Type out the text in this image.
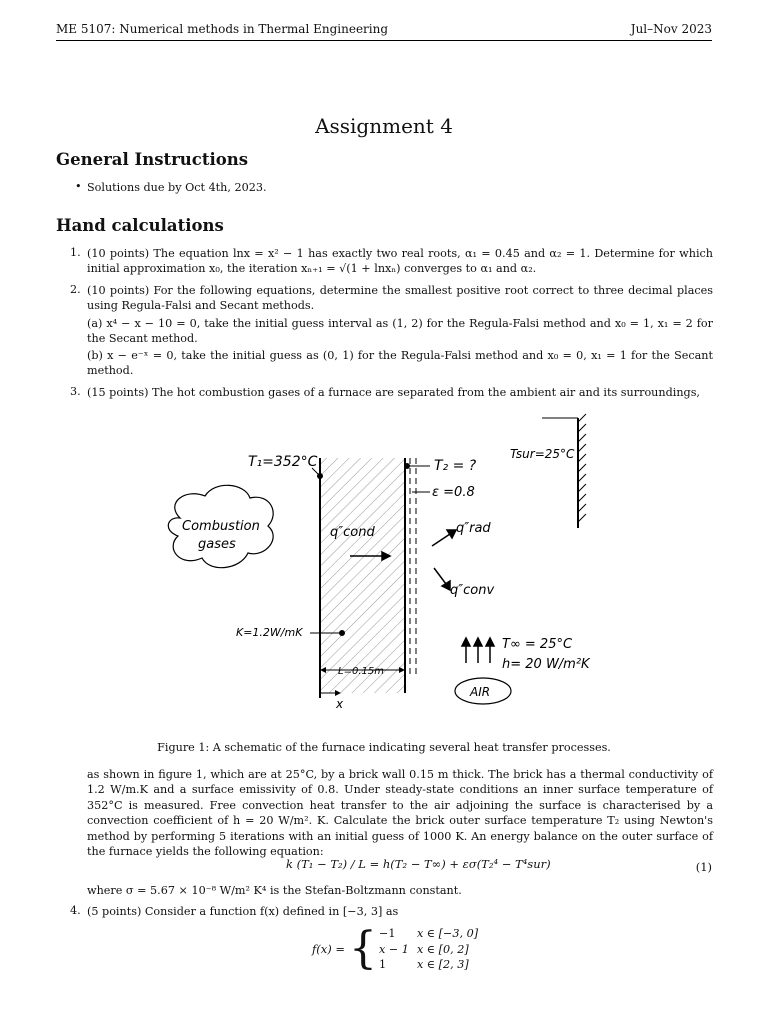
ME 5107: Numerical methods in Thermal Engineering	Jul–Nov 2023
Assignment 4
General Instructions
• Solutions due by Oct 4th, 2023.
Hand calculations
1. (10 points) The equation lnx = x² − 1 has exactly two real roots, α₁ = 0.45 and α₂ = 1. Determine for which initial approximation x₀, the iteration xₙ₊₁ = √(1 + lnxₙ) converges to α₁ and α₂.
2. (10 points) For the following equations, determine the smallest positive root correct to three decimal places using Regula-Falsi and Secant methods.
(a) x⁴ − x − 10 = 0, take the initial guess interval as (1, 2) for the Regula-Falsi method and x₀ = 1, x₁ = 2 for the Secant method.
(b) x − e⁻ˣ = 0, take the initial guess as (0, 1) for the Regula-Falsi method and x₀ = 0, x₁ = 1 for the Secant method.
3. (15 points) The hot combustion gases of a furnace are separated from the ambient air and its surroundings,
T₁=352°C	T₂ = ?
ε =0.8
Tsur=25°C
Combustion
gases
q″cond	q″rad
q″conv
K=1.2W/mK
T∞ = 25°C
h= 20 W/m²K
L=0.15m
x
AIR
Figure 1: A schematic of the furnace indicating several heat transfer processes.
as shown in figure 1, which are at 25°C, by a brick wall 0.15 m thick. The brick has a thermal conductivity of 1.2 W/m.K and a surface emissivity of 0.8. Under steady-state conditions an inner surface temperature of 352°C is measured. Free convection heat transfer to the air adjoining the surface is characterised by a convection coefficient of h = 20 W/m². K. Calculate the brick outer surface temperature T₂ using Newton's method by performing 5 iterations with an initial guess of 1000 K. An energy balance on the outer surface of the furnace yields the following equation:
k (T₁ − T₂) / L = h(T₂ − T∞) + εσ(T₂⁴ − T⁴sur)	(1)
where σ = 5.67 × 10⁻⁸ W/m² K⁴ is the Stefan-Boltzmann constant.
4. (5 points) Consider a function f(x) defined in [−3, 3] as
f(x) = { −1	x ∈ [−3, 0]
x − 1	x ∈ [0, 2]
1	x ∈ [2, 3]
